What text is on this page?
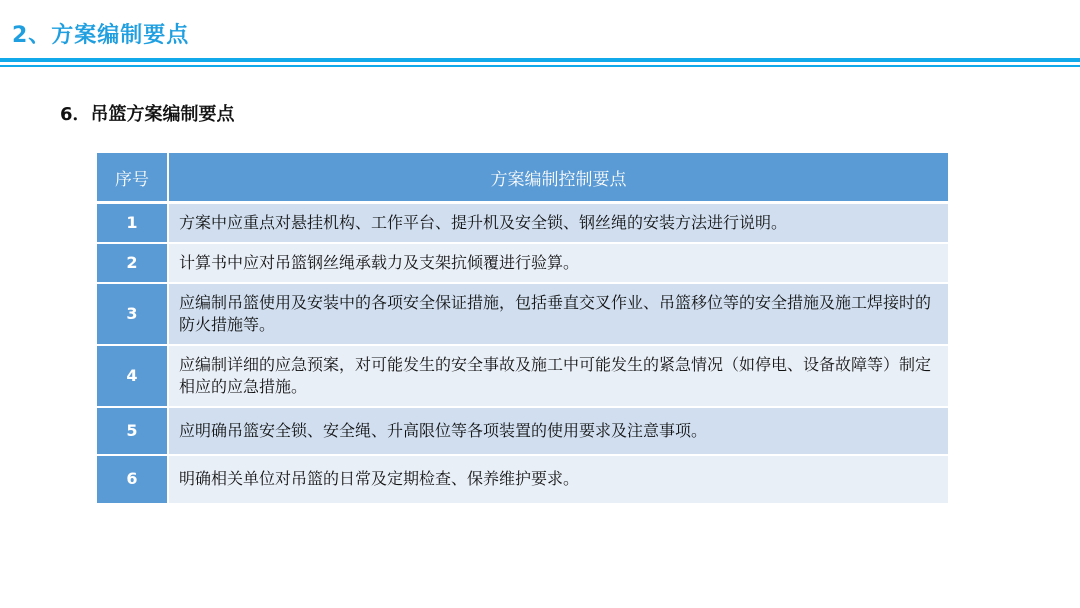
2、方案编制要点
6．吊篮方案编制要点
序号	方案编制控制要点
1	方案中应重点对悬挂机构、工作平台、提升机及安全锁、钢丝绳的安装方法进行说明。
2	计算书中应对吊篮钢丝绳承载力及支架抗倾覆进行验算。
3	应编制吊篮使用及安装中的各项安全保证措施，包括垂直交叉作业、吊篮移位等的安全措施及施工焊接时的防火措施等。
4	应编制详细的应急预案，对可能发生的安全事故及施工中可能发生的紧急情况（如停电、设备故障等）制定相应的应急措施。
5	应明确吊篮安全锁、安全绳、升高限位等各项装置的使用要求及注意事项。
6	明确相关单位对吊篮的日常及定期检查、保养维护要求。
